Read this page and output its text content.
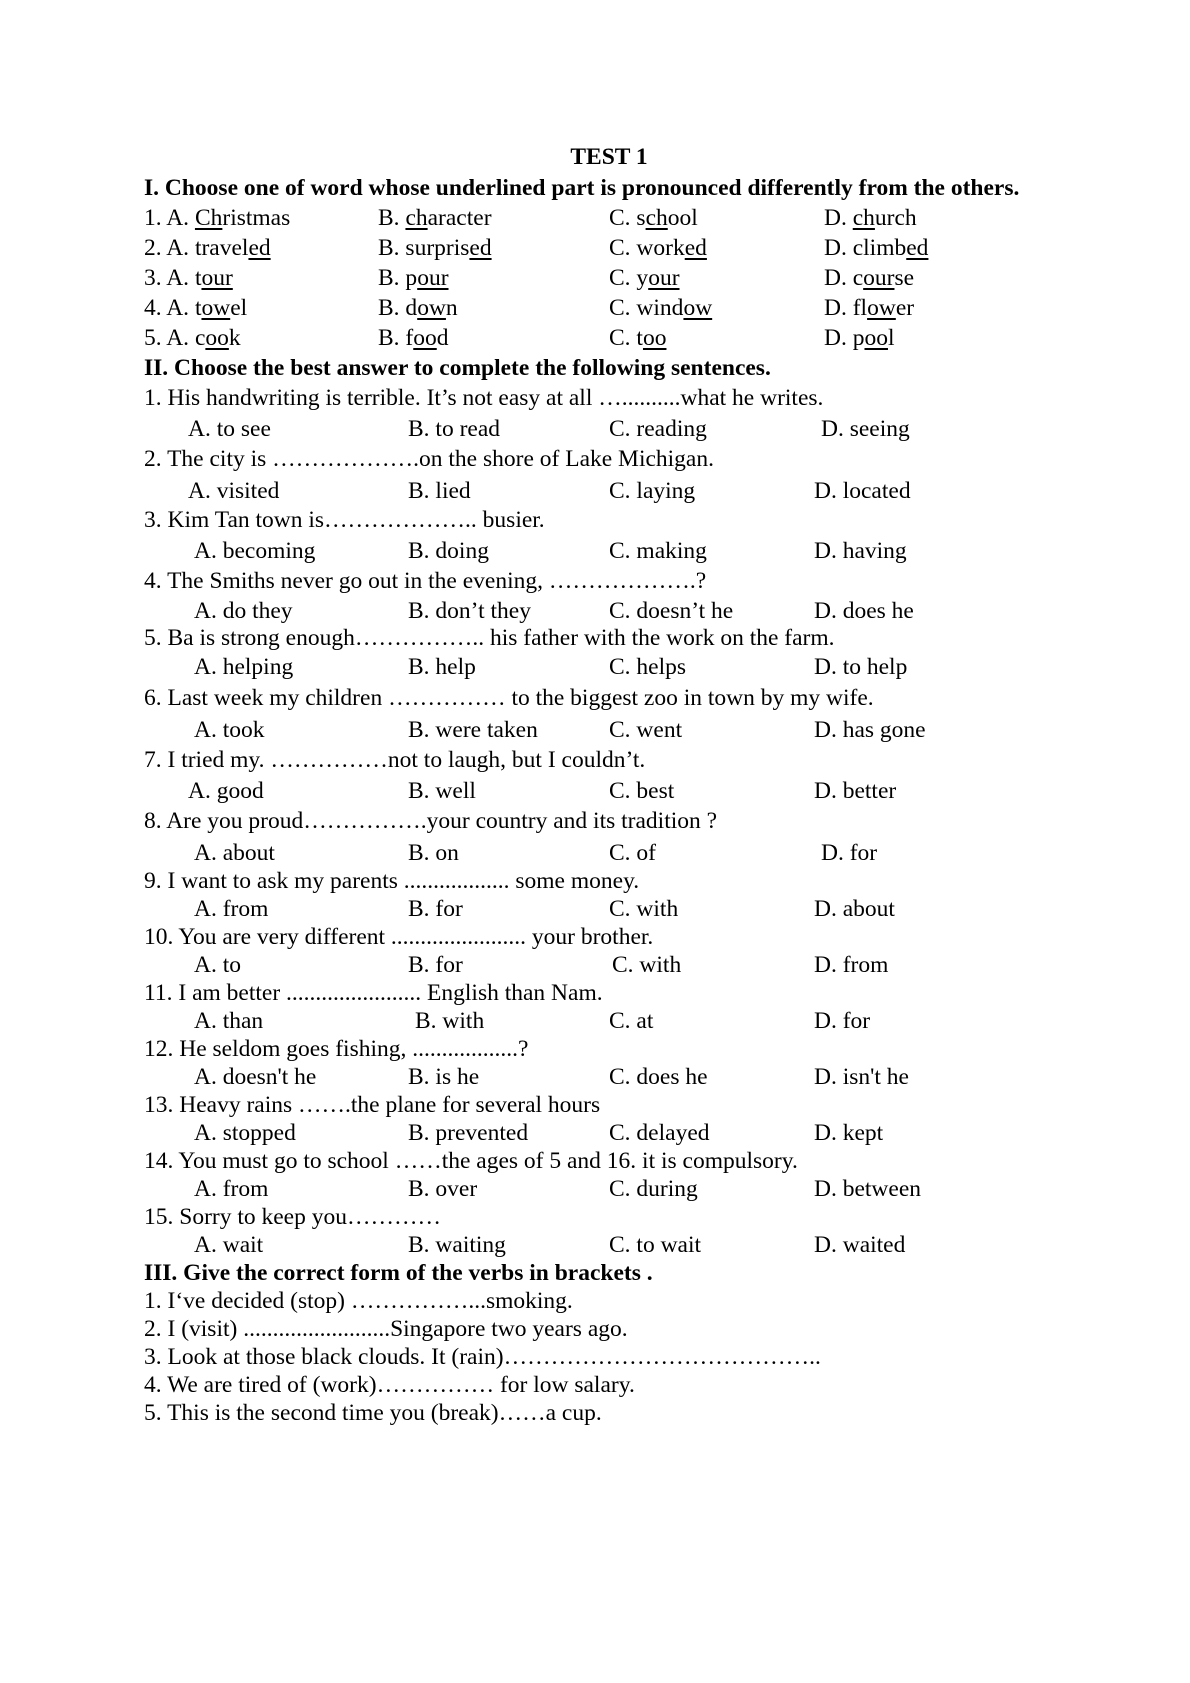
TEST 1
I. Choose one of word whose underlined part is pronounced differently from the others.
1. A. Christmas	B. character	C. school	D. church
2. A. traveled	B. surprised	C. worked	D. climbed
3. A. tour	B. pour	C. your	D. course
4. A. towel	B. down	C. window	D. flower
5. A. cook	B. food	C. too	D. pool
II. Choose the best answer to complete the following sentences.
1. His handwriting is terrible. It’s not easy at all …..........what he writes.
A. to see	B. to read	C. reading	D. seeing
2. The city is ……………….on the shore of Lake Michigan.
A. visited	B. lied	C. laying	D. located
3. Kim Tan town is……………….. busier.
A. becoming	B. doing	C. making	D. having
4. The Smiths never go out in the evening, ……………….?
A. do they	B. don’t they	C. doesn’t he	D. does he
5. Ba is strong enough…………….. his father with the work on the farm.
A. helping	B. help	C. helps	D. to help
6. Last week my children …………… to the biggest zoo in town by my wife.
A. took	B. were taken	C. went	D. has gone
7. I tried my. ……………not to laugh, but I couldn’t.
A. good	B. well	C. best	D. better
8. Are you proud…………….your country and its tradition ?
A. about	B. on	C. of	D. for
9. I want to ask my parents .................. some money.
A. from	B. for	C. with	D. about
10. You are very different ....................... your brother.
A. to	B. for	C. with	D. from
11. I am better ....................... English than Nam.
A. than	B. with	C. at	D. for
12. He seldom goes fishing, ..................?
A. doesn't he	B. is he	C. does he	D. isn't he
13. Heavy rains …….the plane for several hours
A. stopped	B. prevented	C. delayed	D. kept
14. You must go to school ……the ages of 5 and 16. it is compulsory.
A. from	B. over	C. during	D. between
15. Sorry to keep you…………
A. wait	B. waiting	C. to wait	D. waited
III. Give the correct form of the verbs in brackets .
1. I‘ve decided (stop) ……………...smoking.
2. I (visit) .........................Singapore two years ago.
3. Look at those black clouds. It (rain)…………………………………..
4. We are tired of (work)…………… for low salary.
5. This is the second time you (break)……a cup.
